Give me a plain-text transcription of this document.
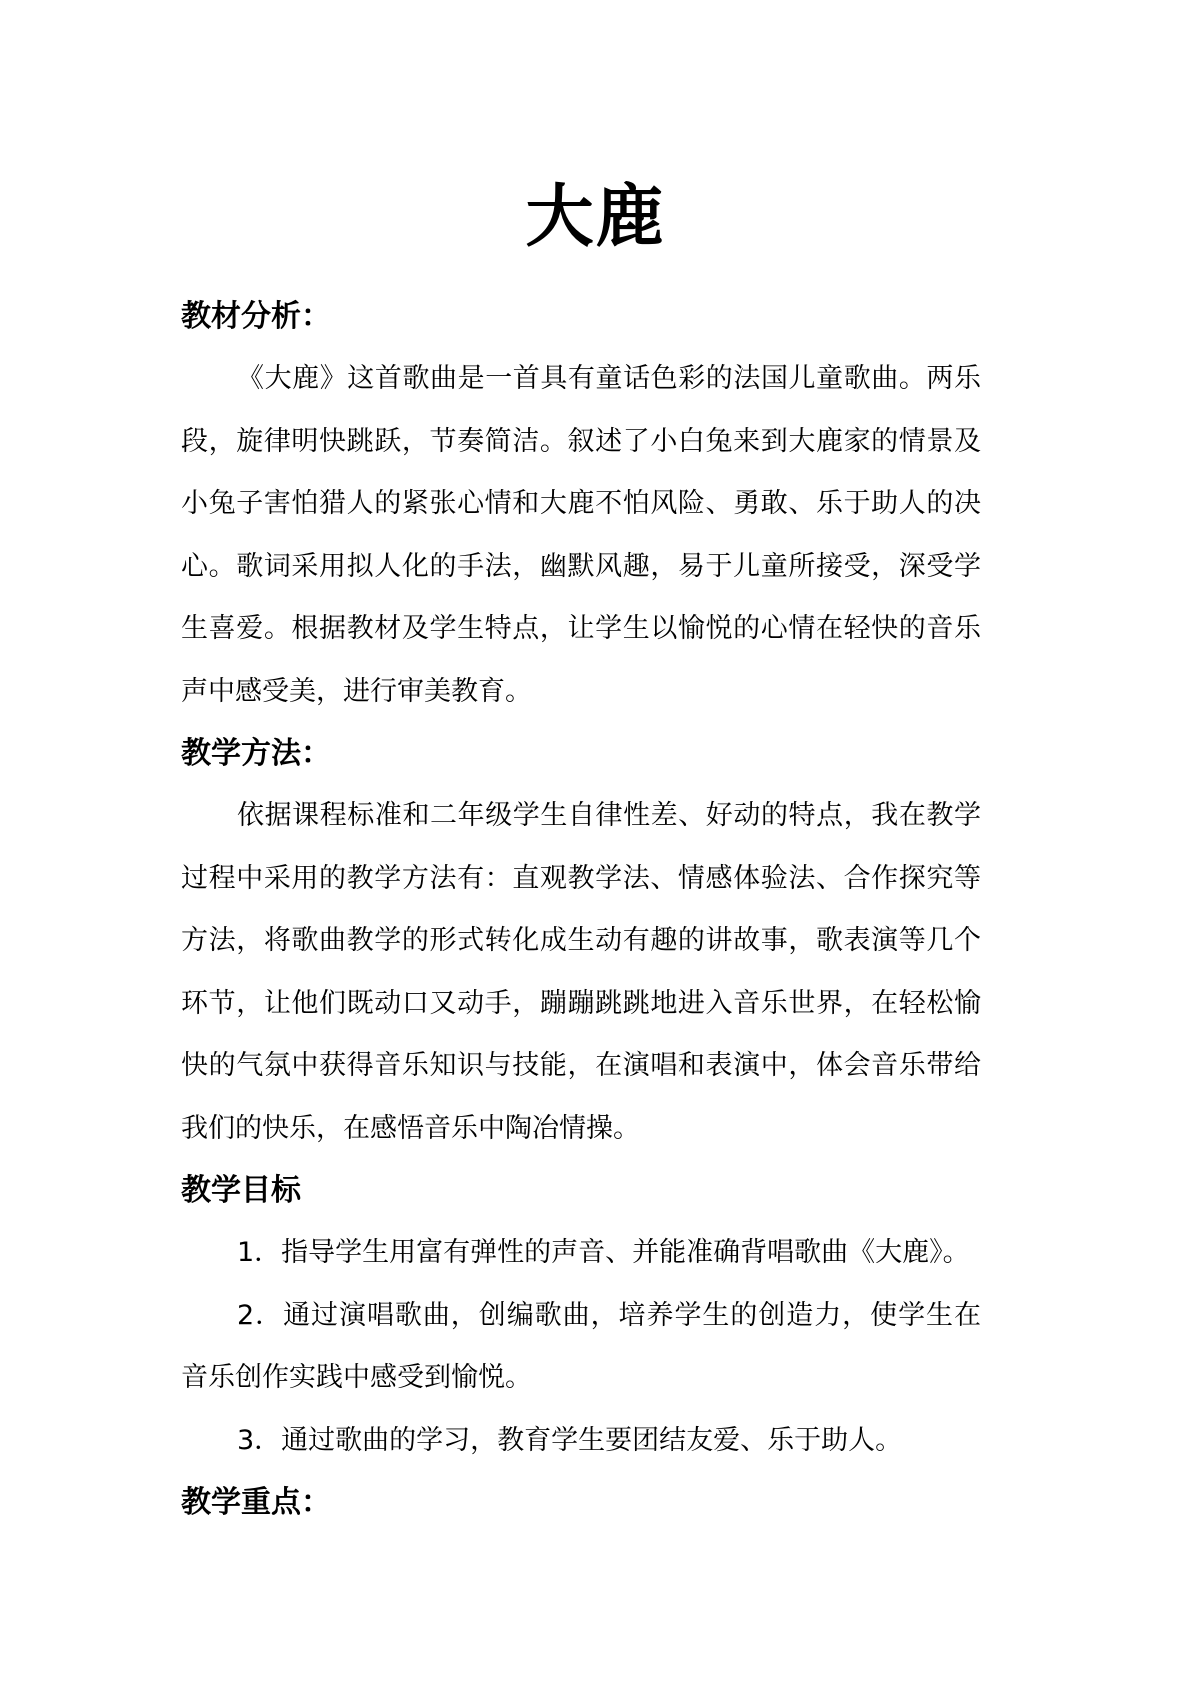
大鹿
教材分析：

《大鹿》这首歌曲是一首具有童话色彩的法国儿童歌曲。两乐段，旋律明快跳跃，节奏简洁。叙述了小白兔来到大鹿家的情景及小兔子害怕猎人的紧张心情和大鹿不怕风险、勇敢、乐于助人的决心。歌词采用拟人化的手法，幽默风趣，易于儿童所接受，深受学生喜爱。根据教材及学生特点，让学生以愉悦的心情在轻快的音乐声中感受美，进行审美教育。

教学方法：

依据课程标准和二年级学生自律性差、好动的特点，我在教学过程中采用的教学方法有：直观教学法、情感体验法、合作探究等方法，将歌曲教学的形式转化成生动有趣的讲故事，歌表演等几个环节，让他们既动口又动手，蹦蹦跳跳地进入音乐世界，在轻松愉快的气氛中获得音乐知识与技能，在演唱和表演中，体会音乐带给我们的快乐，在感悟音乐中陶冶情操。

教学目标

1．指导学生用富有弹性的声音、并能准确背唱歌曲《大鹿》。

2．通过演唱歌曲，创编歌曲，培养学生的创造力，使学生在音乐创作实践中感受到愉悦。

3．通过歌曲的学习，教育学生要团结友爱、乐于助人。

教学重点：
